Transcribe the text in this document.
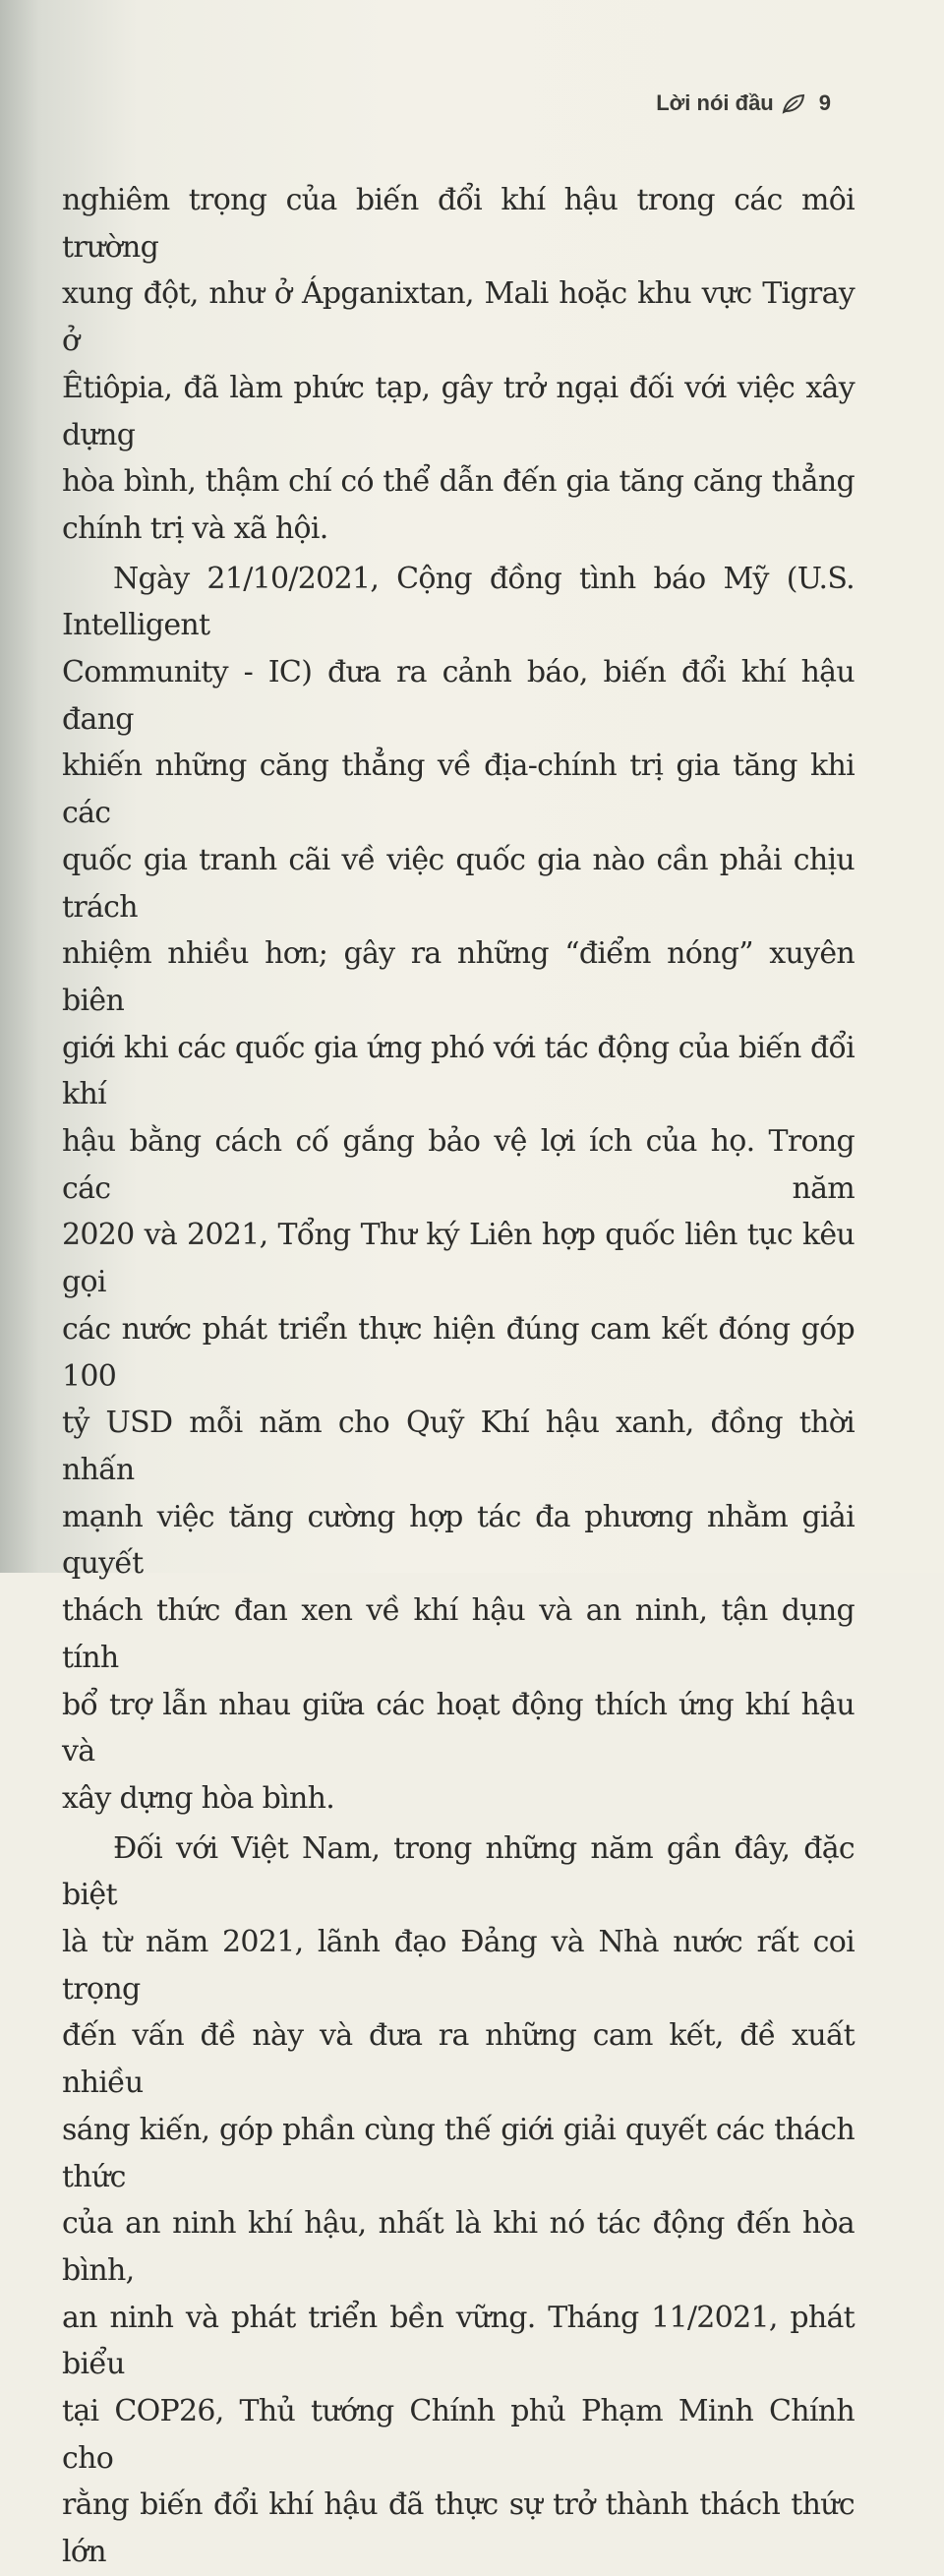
Lời nói đầu 9

nghiêm trọng của biến đổi khí hậu trong các môi trường
xung đột, như ở Ápganixtan, Mali hoặc khu vực Tigray ở
Êtiôpia, đã làm phức tạp, gây trở ngại đối với việc xây dựng
hòa bình, thậm chí có thể dẫn đến gia tăng căng thẳng
chính trị và xã hội.

Ngày 21/10/2021, Cộng đồng tình báo Mỹ (U.S. Intelligent
Community - IC) đưa ra cảnh báo, biến đổi khí hậu đang
khiến những căng thẳng về địa-chính trị gia tăng khi các
quốc gia tranh cãi về việc quốc gia nào cần phải chịu trách
nhiệm nhiều hơn; gây ra những “điểm nóng” xuyên biên
giới khi các quốc gia ứng phó với tác động của biến đổi khí
hậu bằng cách cố gắng bảo vệ lợi ích của họ. Trong các năm
2020 và 2021, Tổng Thư ký Liên hợp quốc liên tục kêu gọi
các nước phát triển thực hiện đúng cam kết đóng góp 100
tỷ USD mỗi năm cho Quỹ Khí hậu xanh, đồng thời nhấn
mạnh việc tăng cường hợp tác đa phương nhằm giải quyết
thách thức đan xen về khí hậu và an ninh, tận dụng tính
bổ trợ lẫn nhau giữa các hoạt động thích ứng khí hậu và
xây dựng hòa bình.

Đối với Việt Nam, trong những năm gần đây, đặc biệt
là từ năm 2021, lãnh đạo Đảng và Nhà nước rất coi trọng
đến vấn đề này và đưa ra những cam kết, đề xuất nhiều
sáng kiến, góp phần cùng thế giới giải quyết các thách thức
của an ninh khí hậu, nhất là khi nó tác động đến hòa bình,
an ninh và phát triển bền vững. Tháng 11/2021, phát biểu
tại COP26, Thủ tướng Chính phủ Phạm Minh Chính cho
rằng biến đổi khí hậu đã thực sự trở thành thách thức lớn
